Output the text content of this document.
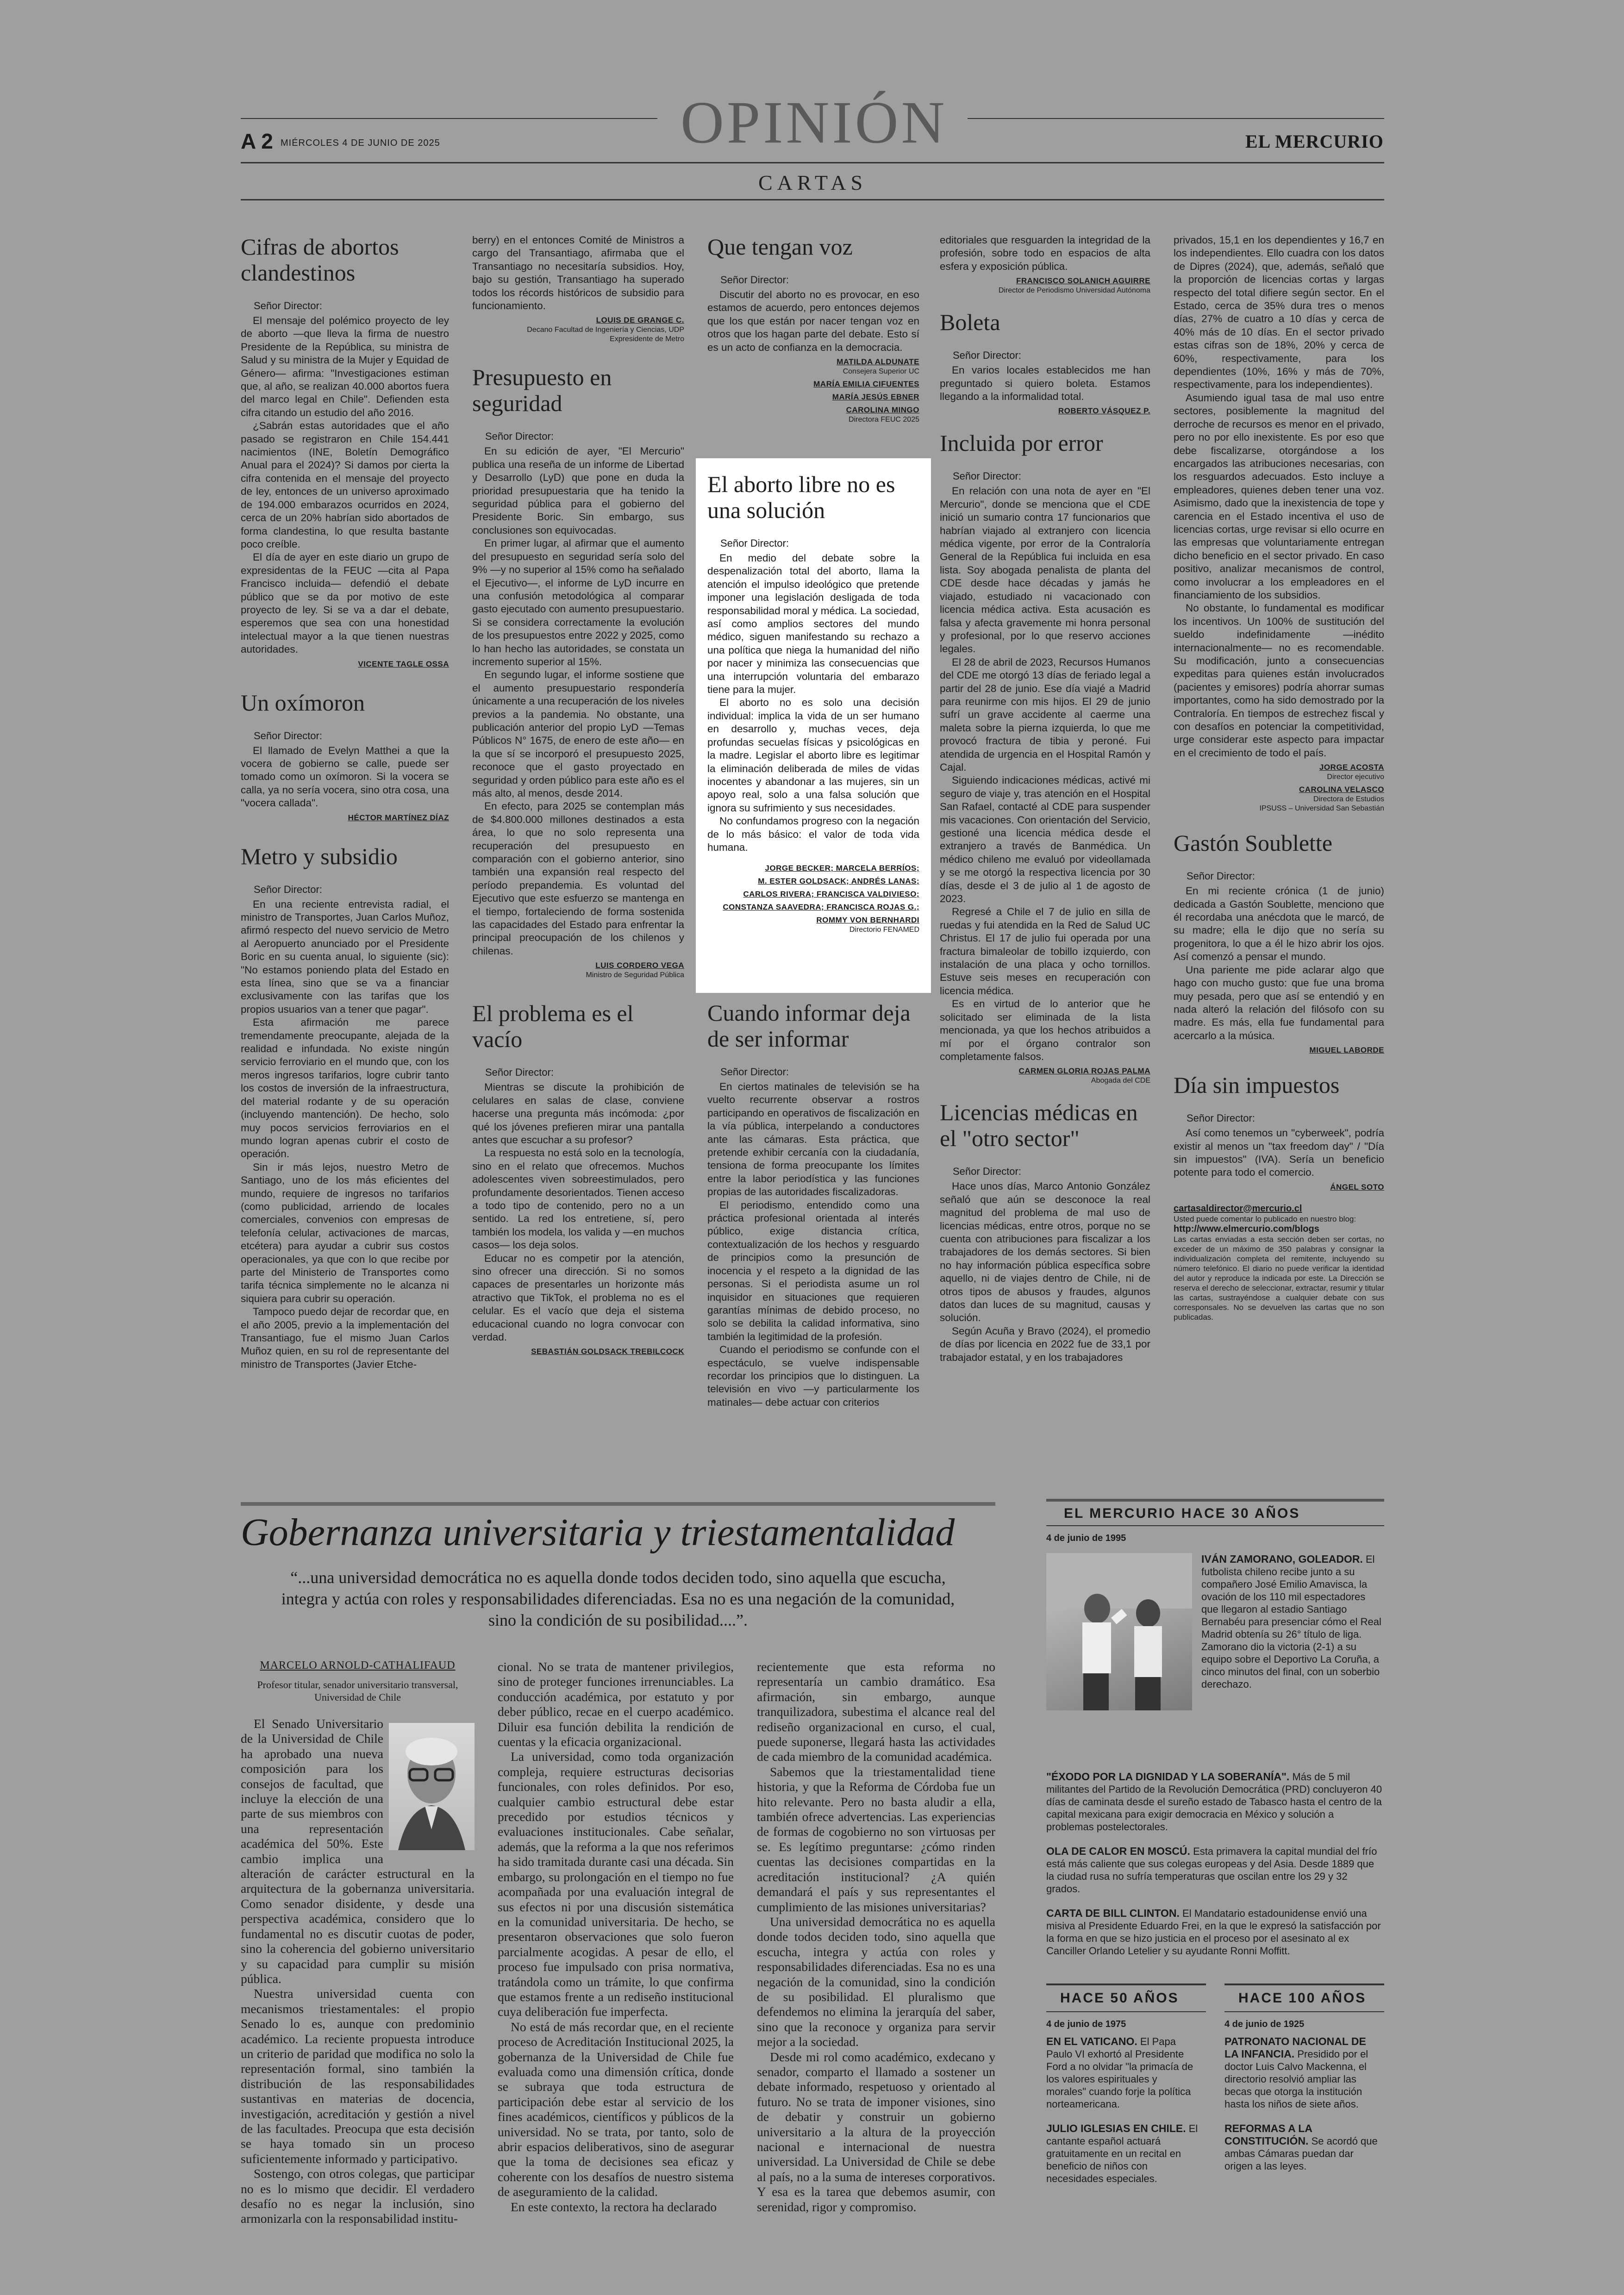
OPINIÓN
A 2 MIÉRCOLES 4 DE JUNIO DE 2025	EL MERCURIO
CARTAS
Cifras de abortos clandestinos
Señor Director:

El mensaje del polémico proyecto de ley de aborto —que lleva la firma de nuestro Presidente de la República, su ministra de Salud y su ministra de la Mujer y Equidad de Género— afirma: "Investigaciones estiman que, al año, se realizan 40.000 abortos fuera del marco legal en Chile". Defienden esta cifra citando un estudio del año 2016.

¿Sabrán estas autoridades que el año pasado se registraron en Chile 154.441 nacimientos (INE, Boletín Demográfico Anual para el 2024)? Si damos por cierta la cifra contenida en el mensaje del proyecto de ley, entonces de un universo aproximado de 194.000 embarazos ocurridos en 2024, cerca de un 20% habrían sido abortados de forma clandestina, lo que resulta bastante poco creíble.

El día de ayer en este diario un grupo de expresidentas de la FEUC —cita al Papa Francisco incluida— defendió el debate público que se da por motivo de este proyecto de ley. Si se va a dar el debate, esperemos que sea con una honestidad intelectual mayor a la que tienen nuestras autoridades.

VICENTE TAGLE OSSA
Un oxímoron
Señor Director:

El llamado de Evelyn Matthei a que la vocera de gobierno se calle, puede ser tomado como un oxímoron. Si la vocera se calla, ya no sería vocera, sino otra cosa, una "vocera callada".

HÉCTOR MARTÍNEZ DÍAZ
Metro y subsidio
Señor Director:

En una reciente entrevista radial, el ministro de Transportes, Juan Carlos Muñoz, afirmó respecto del nuevo servicio de Metro al Aeropuerto anunciado por el Presidente Boric en su cuenta anual, lo siguiente (sic): "No estamos poniendo plata del Estado en esta línea, sino que se va a financiar exclusivamente con las tarifas que los propios usuarios van a tener que pagar".

Esta afirmación me parece tremendamente preocupante, alejada de la realidad e infundada. No existe ningún servicio ferroviario en el mundo que, con los meros ingresos tarifarios, logre cubrir tanto los costos de inversión de la infraestructura, del material rodante y de su operación (incluyendo mantención). De hecho, solo muy pocos servicios ferroviarios en el mundo logran apenas cubrir el costo de operación.

Sin ir más lejos, nuestro Metro de Santiago, uno de los más eficientes del mundo, requiere de ingresos no tarifarios (como publicidad, arriendo de locales comerciales, convenios con empresas de telefonía celular, activaciones de marcas, etcétera) para ayudar a cubrir sus costos operacionales, ya que con lo que recibe por parte del Ministerio de Transportes como tarifa técnica simplemente no le alcanza ni siquiera para cubrir su operación.

Tampoco puedo dejar de recordar que, en el año 2005, previo a la implementación del Transantiago, fue el mismo Juan Carlos Muñoz quien, en su rol de representante del ministro de Transportes (Javier Etche-

berry) en el entonces Comité de Ministros a cargo del Transantiago, afirmaba que el Transantiago no necesitaría subsidios. Hoy, bajo su gestión, Transantiago ha superado todos los récords históricos de subsidio para funcionamiento.

LOUIS DE GRANGE C.
Decano Facultad de Ingeniería y Ciencias, UDP
Expresidente de Metro
Presupuesto en seguridad
Señor Director:

En su edición de ayer, "El Mercurio" publica una reseña de un informe de Libertad y Desarrollo (LyD) que pone en duda la prioridad presupuestaria que ha tenido la seguridad pública para el gobierno del Presidente Boric. Sin embargo, sus conclusiones son equivocadas.

En primer lugar, al afirmar que el aumento del presupuesto en seguridad sería solo del 9% —y no superior al 15% como ha señalado el Ejecutivo—, el informe de LyD incurre en una confusión metodológica al comparar gasto ejecutado con aumento presupuestario. Si se considera correctamente la evolución de los presupuestos entre 2022 y 2025, como lo han hecho las autoridades, se constata un incremento superior al 15%.

En segundo lugar, el informe sostiene que el aumento presupuestario respondería únicamente a una recuperación de los niveles previos a la pandemia. No obstante, una publicación anterior del propio LyD —Temas Públicos N° 1675, de enero de este año— en la que sí se incorporó el presupuesto 2025, reconoce que el gasto proyectado en seguridad y orden público para este año es el más alto, al menos, desde 2014.

En efecto, para 2025 se contemplan más de $4.800.000 millones destinados a esta área, lo que no solo representa una recuperación del presupuesto en comparación con el gobierno anterior, sino también una expansión real respecto del período prepandemia. Es voluntad del Ejecutivo que este esfuerzo se mantenga en el tiempo, fortaleciendo de forma sostenida las capacidades del Estado para enfrentar la principal preocupación de los chilenos y chilenas.

LUIS CORDERO VEGA
Ministro de Seguridad Pública
El problema es el vacío
Señor Director:

Mientras se discute la prohibición de celulares en salas de clase, conviene hacerse una pregunta más incómoda: ¿por qué los jóvenes prefieren mirar una pantalla antes que escuchar a su profesor?

La respuesta no está solo en la tecnología, sino en el relato que ofrecemos. Muchos adolescentes viven sobreestimulados, pero profundamente desorientados. Tienen acceso a todo tipo de contenido, pero no a un sentido. La red los entretiene, sí, pero también los modela, los valida y —en muchos casos— los deja solos.

Educar no es competir por la atención, sino ofrecer una dirección. Si no somos capaces de presentarles un horizonte más atractivo que TikTok, el problema no es el celular. Es el vacío que deja el sistema educacional cuando no logra convocar con verdad.

SEBASTIÁN GOLDSACK TREBILCOCK
Que tengan voz
Señor Director:

Discutir del aborto no es provocar, en eso estamos de acuerdo, pero entonces dejemos que los que están por nacer tengan voz en otros que los hagan parte del debate. Esto sí es un acto de confianza en la democracia.

MATILDA ALDUNATE
Consejera Superior UC
MARÍA EMILIA CIFUENTES
MARÍA JESÚS EBNER
CAROLINA MINGO
Directora FEUC 2025
El aborto libre no es una solución
Señor Director:

En medio del debate sobre la despenalización total del aborto, llama la atención el impulso ideológico que pretende imponer una legislación desligada de toda responsabilidad moral y médica. La sociedad, así como amplios sectores del mundo médico, siguen manifestando su rechazo a una política que niega la humanidad del niño por nacer y minimiza las consecuencias que una interrupción voluntaria del embarazo tiene para la mujer.

El aborto no es solo una decisión individual: implica la vida de un ser humano en desarrollo y, muchas veces, deja profundas secuelas físicas y psicológicas en la madre. Legislar el aborto libre es legitimar la eliminación deliberada de miles de vidas inocentes y abandonar a las mujeres, sin un apoyo real, solo a una falsa solución que ignora su sufrimiento y sus necesidades.

No confundamos progreso con la negación de lo más básico: el valor de toda vida humana.

JORGE BECKER; MARCELA BERRÍOS;
M. ESTER GOLDSACK; ANDRÉS LANAS;
CARLOS RIVERA; FRANCISCA VALDIVIESO;
CONSTANZA SAAVEDRA; FRANCISCA ROJAS G.;
ROMMY VON BERNHARDI
Directorio FENAMED
Cuando informar deja de ser informar
Señor Director:

En ciertos matinales de televisión se ha vuelto recurrente observar a rostros participando en operativos de fiscalización en la vía pública, interpelando a conductores ante las cámaras. Esta práctica, que pretende exhibir cercanía con la ciudadanía, tensiona de forma preocupante los límites entre la labor periodística y las funciones propias de las autoridades fiscalizadoras.

El periodismo, entendido como una práctica profesional orientada al interés público, exige distancia crítica, contextualización de los hechos y resguardo de principios como la presunción de inocencia y el respeto a la dignidad de las personas. Si el periodista asume un rol inquisidor en situaciones que requieren garantías mínimas de debido proceso, no solo se debilita la calidad informativa, sino también la legitimidad de la profesión.

Cuando el periodismo se confunde con el espectáculo, se vuelve indispensable recordar los principios que lo distinguen. La televisión en vivo —y particularmente los matinales— debe actuar con criterios

editoriales que resguarden la integridad de la profesión, sobre todo en espacios de alta esfera y exposición pública.

FRANCISCO SOLANICH AGUIRRE
Director de Periodismo Universidad Autónoma
Boleta
Señor Director:

En varios locales establecidos me han preguntado si quiero boleta. Estamos llegando a la informalidad total.

ROBERTO VÁSQUEZ P.
Incluida por error
Señor Director:

En relación con una nota de ayer en "El Mercurio", donde se menciona que el CDE inició un sumario contra 17 funcionarios que habrían viajado al extranjero con licencia médica vigente, por error de la Contraloría General de la República fui incluida en esa lista. Soy abogada penalista de planta del CDE desde hace décadas y jamás he viajado, estudiado ni vacacionado con licencia médica activa. Esta acusación es falsa y afecta gravemente mi honra personal y profesional, por lo que reservo acciones legales.

El 28 de abril de 2023, Recursos Humanos del CDE me otorgó 13 días de feriado legal a partir del 28 de junio. Ese día viajé a Madrid para reunirme con mis hijos. El 29 de junio sufrí un grave accidente al caerme una maleta sobre la pierna izquierda, lo que me provocó fractura de tibia y peroné. Fui atendida de urgencia en el Hospital Ramón y Cajal.

Siguiendo indicaciones médicas, activé mi seguro de viaje y, tras atención en el Hospital San Rafael, contacté al CDE para suspender mis vacaciones. Con orientación del Servicio, gestioné una licencia médica desde el extranjero a través de Banmédica. Un médico chileno me evaluó por videollamada y se me otorgó la respectiva licencia por 30 días, desde el 3 de julio al 1 de agosto de 2023.

Regresé a Chile el 7 de julio en silla de ruedas y fui atendida en la Red de Salud UC Christus. El 17 de julio fui operada por una fractura bimaleolar de tobillo izquierdo, con instalación de una placa y ocho tornillos. Estuve seis meses en recuperación con licencia médica.

Es en virtud de lo anterior que he solicitado ser eliminada de la lista mencionada, ya que los hechos atribuidos a mí por el órgano contralor son completamente falsos.

CARMEN GLORIA ROJAS PALMA
Abogada del CDE
Licencias médicas en el "otro sector"
Señor Director:

Hace unos días, Marco Antonio González señaló que aún se desconoce la real magnitud del problema de mal uso de licencias médicas, entre otros, porque no se cuenta con atribuciones para fiscalizar a los trabajadores de los demás sectores. Si bien no hay información pública específica sobre aquello, ni de viajes dentro de Chile, ni de otros tipos de abusos y fraudes, algunos datos dan luces de su magnitud, causas y solución.

Según Acuña y Bravo (2024), el promedio de días por licencia en 2022 fue de 33,1 por trabajador estatal, y en los trabajadores

privados, 15,1 en los dependientes y 16,7 en los independientes. Ello cuadra con los datos de Dipres (2024), que, además, señaló que la proporción de licencias cortas y largas respecto del total difiere según sector. En el Estado, cerca de 35% dura tres o menos días, 27% de cuatro a 10 días y cerca de 40% más de 10 días. En el sector privado estas cifras son de 18%, 20% y cerca de 60%, respectivamente, para los dependientes (10%, 16% y más de 70%, respectivamente, para los independientes).

Asumiendo igual tasa de mal uso entre sectores, posiblemente la magnitud del derroche de recursos es menor en el privado, pero no por ello inexistente. Es por eso que debe fiscalizarse, otorgándose a los encargados las atribuciones necesarias, con los resguardos adecuados. Esto incluye a empleadores, quienes deben tener una voz. Asimismo, dado que la inexistencia de tope y carencia en el Estado incentiva el uso de licencias cortas, urge revisar si ello ocurre en las empresas que voluntariamente entregan dicho beneficio en el sector privado. En caso positivo, analizar mecanismos de control, como involucrar a los empleadores en el financiamiento de los subsidios.

No obstante, lo fundamental es modificar los incentivos. Un 100% de sustitución del sueldo indefinidamente —inédito internacionalmente— no es recomendable. Su modificación, junto a consecuencias expeditas para quienes están involucrados (pacientes y emisores) podría ahorrar sumas importantes, como ha sido demostrado por la Contraloría. En tiempos de estrechez fiscal y con desafíos en potenciar la competitividad, urge considerar este aspecto para impactar en el crecimiento de todo el país.

JORGE ACOSTA
Director ejecutivo
CAROLINA VELASCO
Directora de Estudios
IPSUSS – Universidad San Sebastián
Gastón Soublette
Señor Director:

En mi reciente crónica (1 de junio) dedicada a Gastón Soublette, menciono que él recordaba una anécdota que le marcó, de su madre; ella le dijo que no sería su progenitora, lo que a él le hizo abrir los ojos. Así comenzó a pensar el mundo.

Una pariente me pide aclarar algo que hago con mucho gusto: que fue una broma muy pesada, pero que así se entendió y en nada alteró la relación del filósofo con su madre. Es más, ella fue fundamental para acercarlo a la música.

MIGUEL LABORDE
Día sin impuestos
Señor Director:

Así como tenemos un "cyberweek", podría existir al menos un "tax freedom day" / "Día sin impuestos" (IVA). Sería un beneficio potente para todo el comercio.

ÁNGEL SOTO
cartasaldirector@mercurio.cl
Usted puede comentar lo publicado en nuestro blog:
http://www.elmercurio.com/blogs
Las cartas enviadas a esta sección deben ser cortas, no exceder de un máximo de 350 palabras y consignar la individualización completa del remitente, incluyendo su número telefónico. El diario no puede verificar la identidad del autor y reproduce la indicada por este. La Dirección se reserva el derecho de seleccionar, extractar, resumir y titular las cartas, sustrayéndose a cualquier debate con sus corresponsales. No se devuelven las cartas que no son publicadas.
Gobernanza universitaria y triestamentalidad
“...una universidad democrática no es aquella donde todos deciden todo, sino aquella que escucha, integra y actúa con roles y responsabilidades diferenciadas. Esa no es una negación de la comunidad, sino la condición de su posibilidad....”.
MARCELO ARNOLD-CATHALIFAUD
Profesor titular, senador universitario transversal, Universidad de Chile

El Senado Universitario de la Universidad de Chile ha aprobado una nueva composición para los consejos de facultad, que incluye la elección de una parte de sus miembros con una representación académica del 50%. Este cambio implica una alteración de carácter estructural en la arquitectura de la gobernanza universitaria. Como senador disidente, y desde una perspectiva académica, considero que lo fundamental no es discutir cuotas de poder, sino la coherencia del gobierno universitario y su capacidad para cumplir su misión pública.

Nuestra universidad cuenta con mecanismos triestamentales: el propio Senado lo es, aunque con predominio académico. La reciente propuesta introduce un criterio de paridad que modifica no solo la representación formal, sino también la distribución de las responsabilidades sustantivas en materias de docencia, investigación, acreditación y gestión a nivel de las facultades. Preocupa que esta decisión se haya tomado sin un proceso suficientemente informado y participativo.

Sostengo, con otros colegas, que participar no es lo mismo que decidir. El verdadero desafío no es negar la inclusión, sino armonizarla con la responsabilidad institu-

cional. No se trata de mantener privilegios, sino de proteger funciones irrenunciables. La conducción académica, por estatuto y por deber público, recae en el cuerpo académico. Diluir esa función debilita la rendición de cuentas y la eficacia organizacional.

La universidad, como toda organización compleja, requiere estructuras decisorias funcionales, con roles definidos. Por eso, cualquier cambio estructural debe estar precedido por estudios técnicos y evaluaciones institucionales. Cabe señalar, además, que la reforma a la que nos referimos ha sido tramitada durante casi una década. Sin embargo, su prolongación en el tiempo no fue acompañada por una evaluación integral de sus efectos ni por una discusión sistemática en la comunidad universitaria. De hecho, se presentaron observaciones que solo fueron parcialmente acogidas. A pesar de ello, el proceso fue impulsado con prisa normativa, tratándola como un trámite, lo que confirma que estamos frente a un rediseño institucional cuya deliberación fue imperfecta.

No está de más recordar que, en el reciente proceso de Acreditación Institucional 2025, la gobernanza de la Universidad de Chile fue evaluada como una dimensión crítica, donde se subraya que toda estructura de participación debe estar al servicio de los fines académicos, científicos y públicos de la universidad. No se trata, por tanto, solo de abrir espacios deliberativos, sino de asegurar que la toma de decisiones sea eficaz y coherente con los desafíos de nuestro sistema de aseguramiento de la calidad.

En este contexto, la rectora ha declarado

recientemente que esta reforma no representaría un cambio dramático. Esa afirmación, sin embargo, aunque tranquilizadora, subestima el alcance real del rediseño organizacional en curso, el cual, puede suponerse, llegará hasta las actividades de cada miembro de la comunidad académica.

Sabemos que la triestamentalidad tiene historia, y que la Reforma de Córdoba fue un hito relevante. Pero no basta aludir a ella, también ofrece advertencias. Las experiencias de formas de cogobierno no son virtuosas per se. Es legítimo preguntarse: ¿cómo rinden cuentas las decisiones compartidas en la acreditación institucional? ¿A quién demandará el país y sus representantes el cumplimiento de las misiones universitarias?

Una universidad democrática no es aquella donde todos deciden todo, sino aquella que escucha, integra y actúa con roles y responsabilidades diferenciadas. Esa no es una negación de la comunidad, sino la condición de su posibilidad. El pluralismo que defendemos no elimina la jerarquía del saber, sino que la reconoce y organiza para servir mejor a la sociedad.

Desde mi rol como académico, exdecano y senador, comparto el llamado a sostener un debate informado, respetuoso y orientado al futuro. No se trata de imponer visiones, sino de debatir y construir un gobierno universitario a la altura de la proyección nacional e internacional de nuestra universidad. La Universidad de Chile se debe al país, no a la suma de intereses corporativos. Y esa es la tarea que debemos asumir, con serenidad, rigor y compromiso.

EL MERCURIO HACE 30 AÑOS
4 de junio de 1995
IVÁN ZAMORANO, GOLEADOR. El futbolista chileno recibe junto a su compañero José Emilio Amavisca, la ovación de los 110 mil espectadores que llegaron al estadio Santiago Bernabéu para presenciar cómo el Real Madrid obtenía su 26° título de liga. Zamorano dio la victoria (2-1) a su equipo sobre el Deportivo La Coruña, a cinco minutos del final, con un soberbio derechazo.
"ÉXODO POR LA DIGNIDAD Y LA SOBERANÍA". Más de 5 mil militantes del Partido de la Revolución Democrática (PRD) concluyeron 40 días de caminata desde el sureño estado de Tabasco hasta el centro de la capital mexicana para exigir democracia en México y solución a problemas postelectorales.
OLA DE CALOR EN MOSCÚ. Esta primavera la capital mundial del frío está más caliente que sus colegas europeas y del Asia. Desde 1889 que la ciudad rusa no sufría temperaturas que oscilan entre los 29 y 32 grados.
CARTA DE BILL CLINTON. El Mandatario estadounidense envió una misiva al Presidente Eduardo Frei, en la que le expresó la satisfacción por la forma en que se hizo justicia en el proceso por el asesinato al ex Canciller Orlando Letelier y su ayudante Ronni Moffitt.
HACE 50 AÑOS
4 de junio de 1975
EN EL VATICANO. El Papa Paulo VI exhortó al Presidente Ford a no olvidar "la primacía de los valores espirituales y morales" cuando forje la política norteamericana.
JULIO IGLESIAS EN CHILE. El cantante español actuará gratuitamente en un recital en beneficio de niños con necesidades especiales.
HACE 100 AÑOS
4 de junio de 1925
PATRONATO NACIONAL DE LA INFANCIA. Presidido por el doctor Luis Calvo Mackenna, el directorio resolvió ampliar las becas que otorga la institución hasta los niños de siete años.
REFORMAS A LA CONSTITUCIÓN. Se acordó que ambas Cámaras puedan dar origen a las leyes.
